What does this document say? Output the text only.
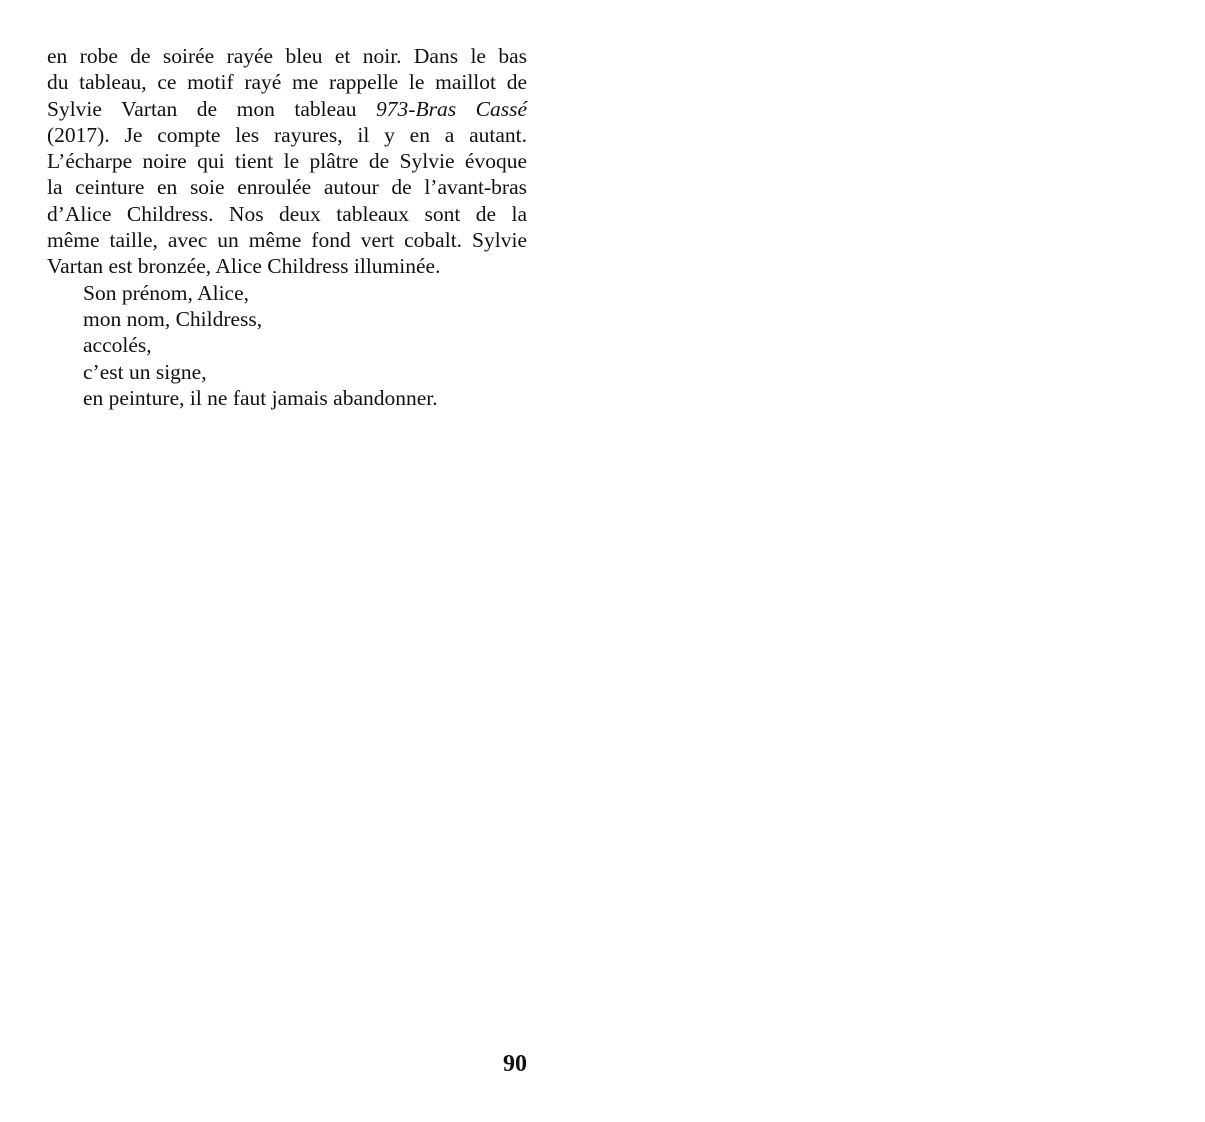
en robe de soirée rayée bleu et noir. Dans le bas
du tableau, ce motif rayé me rappelle le maillot de
Sylvie Vartan de mon tableau 973-Bras Cassé
(2017). Je compte les rayures, il y en a autant.
L’écharpe noire qui tient le plâtre de Sylvie évoque
la ceinture en soie enroulée autour de l’avant-bras
d’Alice Childress. Nos deux tableaux sont de la
même taille, avec un même fond vert cobalt. Sylvie
Vartan est bronzée, Alice Childress illuminée.
Son prénom, Alice,
mon nom, Childress,
accolés,
c’est un signe,
en peinture, il ne faut jamais abandonner.
90
